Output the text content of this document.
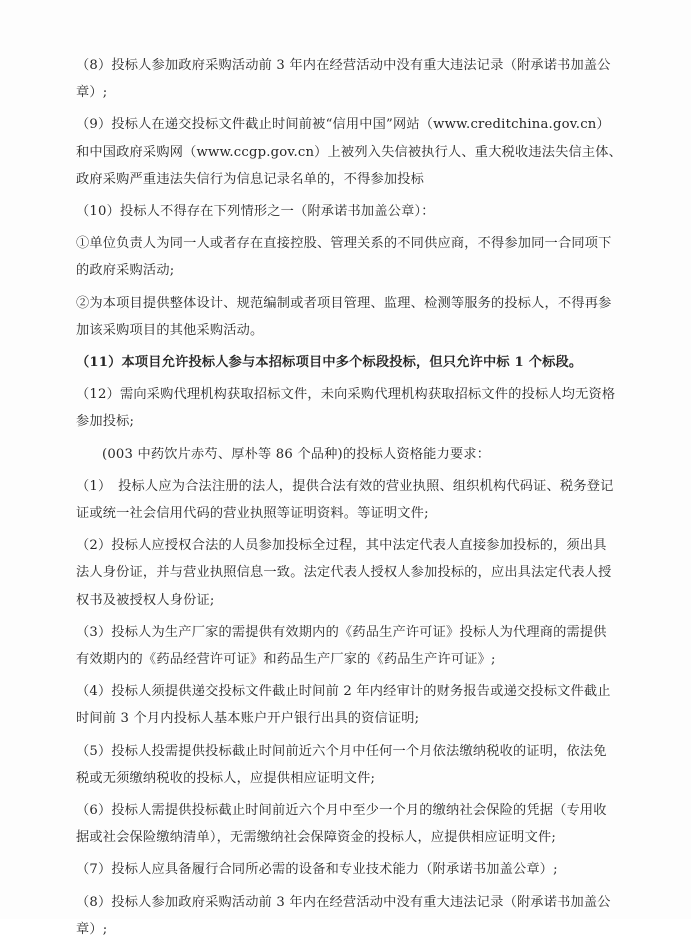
（8）投标人参加政府采购活动前 3 年内在经营活动中没有重大违法记录（附承诺书加盖公
章）;

（9）投标人在递交投标文件截止时间前被“信用中国”网站（www.creditchina.gov.cn）
和中国政府采购网（www.ccgp.gov.cn）上被列入失信被执行人、重大税收违法失信主体、
政府采购严重违法失信行为信息记录名单的，不得参加投标

（10）投标人不得存在下列情形之一（附承诺书加盖公章）：

①单位负责人为同一人或者存在直接控股、管理关系的不同供应商，不得参加同一合同项下
的政府采购活动;

②为本项目提供整体设计、规范编制或者项目管理、监理、检测等服务的投标人，不得再参
加该采购项目的其他采购活动。

（11）本项目允许投标人参与本招标项目中多个标段投标，但只允许中标 1 个标段。

（12）需向采购代理机构获取招标文件，未向采购代理机构获取招标文件的投标人均无资格
参加投标;

(003 中药饮片赤芍、厚朴等 86 个品种)的投标人资格能力要求：

（1）　投标人应为合法注册的法人，提供合法有效的营业执照、组织机构代码证、税务登记
证或统一社会信用代码的营业执照等证明资料。等证明文件;

（2）投标人应授权合法的人员参加投标全过程，其中法定代表人直接参加投标的，须出具
法人身份证，并与营业执照信息一致。法定代表人授权人参加投标的，应出具法定代表人授
权书及被授权人身份证;

（3）投标人为生产厂家的需提供有效期内的《药品生产许可证》投标人为代理商的需提供
有效期内的《药品经营许可证》和药品生产厂家的《药品生产许可证》;

（4）投标人须提供递交投标文件截止时间前 2 年内经审计的财务报告或递交投标文件截止
时间前 3 个月内投标人基本账户开户银行出具的资信证明;

（5）投标人投需提供投标截止时间前近六个月中任何一个月依法缴纳税收的证明，依法免
税或无须缴纳税收的投标人，应提供相应证明文件;

（6）投标人需提供投标截止时间前近六个月中至少一个月的缴纳社会保险的凭据（专用收
据或社会保险缴纳清单），无需缴纳社会保障资金的投标人，应提供相应证明文件;

（7）投标人应具备履行合同所必需的设备和专业技术能力（附承诺书加盖公章）;

（8）投标人参加政府采购活动前 3 年内在经营活动中没有重大违法记录（附承诺书加盖公
章）;
